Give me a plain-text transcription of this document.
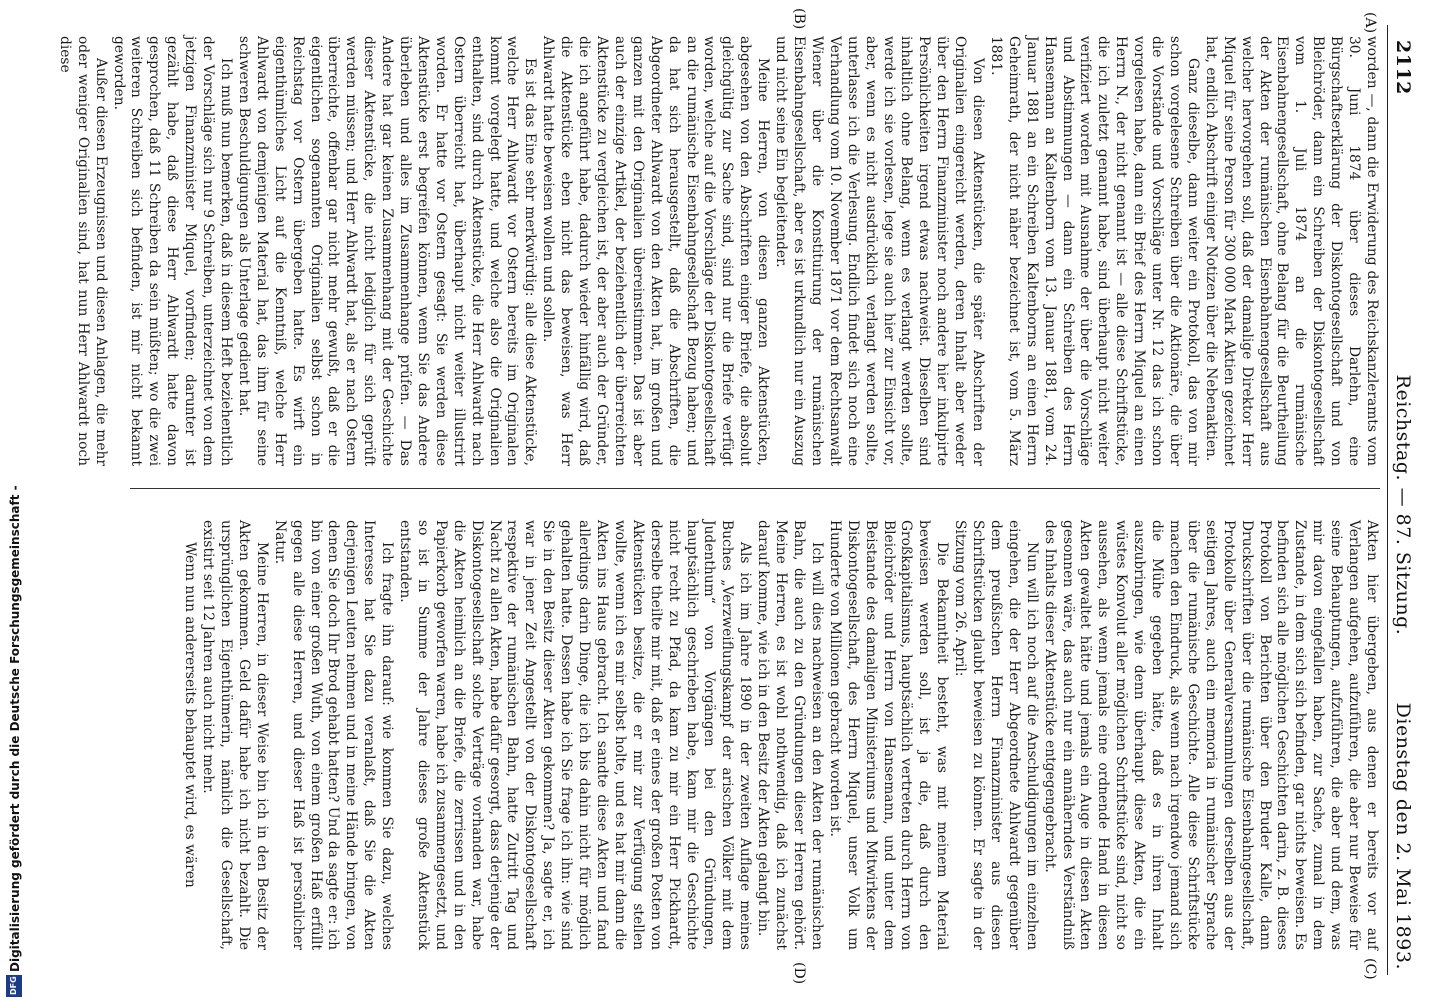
2112
Reichstag. — 87. Sitzung.
Dienstag den 2. Mai 1893.
(A)
(B)
(C)
(D)

worden —, dann die Erwiderung des Reichskanzleramts vom 30. Juni 1874 über dieses Darlehn, eine Bürgschaftserklärung der Diskontogesellschaft und von Bleichröder, dann ein Schreiben der Diskontogesellschaft vom 1. Juli 1874 an die rumänische Eisenbahnengesellschaft, ohne Belang für die Beurtheilung der Akten der rumänischen Eisenbahnengesellschaft aus welcher hervorgehen soll, daß der damalige Direktor Herr Miquel für seine Person für 300 000 Mark Aktien gezeichnet hat, endlich Abschrift einiger Notizen über die Nebenaktien.

Ganz dieselbe, dann weiter ein Protokoll, das von mir schon vorgelesene Schreiben über die Aktionäre, die über die Vorstände und Vorschläge unter Nr. 12 das ich schon vorgelesen habe, dann ein Brief des Herrn Miquel an einen Herrn N., der nicht genannt ist — alle diese Schriftstücke, die ich zuletzt genannt habe, sind überhaupt nicht weiter verifiziert worden mit Ausnahme der über die Vorschläge und Abstimmungen — dann ein Schreiben des Herrn Hansemann an Kaltenborn vom 13. Januar 1881, vom 24. Januar 1881 an ein Schreiben Kaltenborns an einen Herrn Geheimrath, der nicht näher bezeichnet ist, vom 5. März 1881.

Von diesen Aktenstücken, die später Abschriften der Originalien eingereicht werden, deren Inhalt aber weder über den Herrn Finanzminister noch andere hier inkulpirte Persönlichkeiten irgend etwas nachweist. Dieselben sind inhaltlich ohne Belang, wenn es verlangt werden sollte, werde ich sie vorlesen, lege sie auch hier zur Einsicht vor, aber, wenn es nicht ausdrücklich verlangt werden sollte, unterlasse ich die Verlesung. Endlich findet sich noch eine Verhandlung vom 10. November 1871 vor dem Rechtsanwalt Wiener über die Konstituirung der rumänischen Eisenbahngesellschaft, aber es ist urkundlich nur ein Auszug und nicht seine Ein begleitender.

Meine Herren, von diesen ganzen Aktenstücken, abgesehen von den Abschriften einiger Briefe, die absolut gleichgültig zur Sache sind, sind nur die Briefe verfügt worden, welche auf die Vorschläge der Diskontogesellschaft an die rumänische Eisenbahngesellschaft Bezug haben; und da hat sich herausgestellt, daß die Abschriften, die Abgeordneter Ahlwardt von den Akten hat, im großen und ganzen mit den Originalien übereinstimmen. Das ist aber auch der einzige Artikel, der beziehentlich der überreichten Aktenstücke zu vergleichen ist, der aber auch der Gründer, die ich angeführt habe, dadurch wieder hinfällig wird, daß die Aktenstücke eben nicht das beweisen, was Herr Ahlwardt hatte beweisen wollen und sollen.

Es ist das Eine sehr merkwürdig: alle diese Aktenstücke, welche Herr Ahlwardt vor Ostern bereits im Originalen kommt vorgelegt hatte, und welche also die Originalien enthalten, sind durch Aktenstücke, die Herr Ahlwardt nach Ostern überreicht hat, überhaupt nicht weiter illustrirt worden. Er hatte vor Ostern gesagt: Sie werden diese Aktenstücke erst begreifen können, wenn Sie das Andere überleben und alles im Zusammenhange prüfen. — Das Andere hat gar keinen Zusammenhang mit der Geschichte dieser Aktenstücke, die nicht lediglich für sich geprüft werden müssen; und Herr Ahlwardt hat, als er nach Ostern überreichte, offenbar gar nicht mehr gewußt, daß er die eigentlichen sogenannten Originalien selbst schon in Reichstag vor Ostern übergeben hatte. Es wirft ein eigenthümliches Licht auf die Kenntniß, welche Herr Ahlwardt von demjenigen Material hat, das ihm für seine schweren Beschuldigungen als Unterlage gedient hat.

Ich muß nun bemerken, daß in diesem Heft beziehentlich der Vorschläge sich nur 9 Schreiben, unterzeichnet von dem jetzigen Finanzminister Miquel, vorfinden; darunter ist gezählt habe, daß diese Herr Ahlwardt hatte davon gesprochen, daß 11 Schreiben da sein müßten; wo die zwei weiteren Schreiben sich befinden, ist mir nicht bekannt geworden.

Außer diesen Erzeugnissen und diesen Anlagen, die mehr oder weniger Originalien sind, hat nun Herr Ahlwardt noch diese

Akten hier übergeben, aus denen er bereits vor auf Verlangen aufgehen, aufzuführen, die aber nur Beweise für seine Behauptungen, aufzuführen, die aber und dem, was mir davon eingefallen haben, zur Sache, zumal in dem Zustande, in dem sich sich befinden, gar nichts beweisen. Es befinden sich alle möglichen Geschichten darin, z. B. dieses Protokoll von Berichten über den Bruder Kalle, dann Druckschriften über die rumänische Eisenbahngesellschaft, Protokolle über Generalversammlungen derselben aus der seitigen Jahres, auch ein memoria in rumänischer Sprache über die rumänische Geschichte. Alle diese Schriftstücke machen den Eindruck, als wenn nach irgendwo jemand sich die Mühe gegeben hätte, daß es in ihren Inhalt auszubringen, wie denn überhaupt diese Akten, die ein wüstes Konvolut aller möglichen Schriftstücke sind, nicht so aussehen, als wenn jemals eine ordnende Hand in diesen Akten gewaltet hätte und jemals ein Auge in diesen Akten gesonnen wäre, das auch nur ein annäherndes Verständniß des Inhalts dieser Aktenstücke entgegengebracht.

Nun will ich noch auf die Anschuldigungen im einzelnen eingehen, die der Herr Abgeordnete Ahlwardt gegenüber dem preußischen Herrn Finanzminister aus diesen Schriftstücken glaubt beweisen zu können. Er sagte in der Sitzung vom 26. April:

Die Bekanntheit besteht, was mit meinem Material beweisen werden soll, ist ja die, daß durch den Großkapitalismus, hauptsächlich vertreten durch Herrn von Bleichröder und Herrn von Hansemann, und unter dem Beistande des damaligen Ministeriums und Mitwirkens der Diskontogesellschaft, des Herrn Miquel, unser Volk um Hunderte von Millionen gebracht worden ist.

Ich will dies nachweisen an den Akten der rumänischen Bahn, die auch zu den Gründungen dieser Herren gehört. Meine Herren, es ist wohl nothwendig, daß ich zunächst darauf komme, wie ich in den Besitz der Akten gelangt bin.

Als ich im Jahre 1890 in der zweiten Auflage meines Buches „Verzweiflungskampf der arischen Völker mit dem Judenthum“ von Vorgängen bei den Gründungen, hauptsächlich geschrieben habe, kam mir die Geschichte nicht recht zu Pfad, da kam zu mir ein Herr Pickhardt, derselbe theilte mir mit, daß er eines der großen Posten von Aktenstücken besitze, die er mir zur Verfügung stellen wollte, wenn ich es mir selbst holte, und es hat mir dann die Akten ins Haus gebracht. Ich sandte diese Akten und fand allerdings darin Dinge, die ich bis dahin nicht für möglich gehalten hatte. Dessen habe ich Sie frage ich ihn: wie sind Sie in den Besitz dieser Akten gekommen? Ja, sagte er, ich war in jener Zeit Angestellt von der Diskontogesellschaft respektive der rumänischen Bahn, hatte Zutritt Tag und Nacht zu allen Akten, habe dafür gesorgt, dass derjenige der Diskontogesellschaft solche Verträge vorhanden war, habe die Akten heimlich an die Briefe, die zerrissen und in den Papierkorb geworfen waren, habe ich zusammengesetzt, und so ist in Summe der Jahre dieses große Aktenstück entstanden.

Ich fragte ihn darauf: wie kommen Sie dazu, welches Interesse hat Sie dazu veranlaßt, daß Sie die Akten derjenigen Leuten nehmen und in meine Hände bringen, von denen Sie doch Ihr Brod gehabt hatten? Und da sagte er: ich bin von einer großen Wuth, von einem großen Haß erfüllt gegen alle diese Herren, und dieser Haß ist persönlicher Natur.

Meine Herren, in dieser Weise bin ich in den Besitz der Akten gekommen. Geld dafür habe ich nicht bezahlt. Die ursprünglichen Eigenthümerin, nämlich die Gesellschaft, existirt seit 12 Jahren auch nicht mehr.

Wenn nun andererseits behauptet wird, es wären

Digitalisierung gefördert durch die Deutsche Forschungsgemeinschaft -
DFG
